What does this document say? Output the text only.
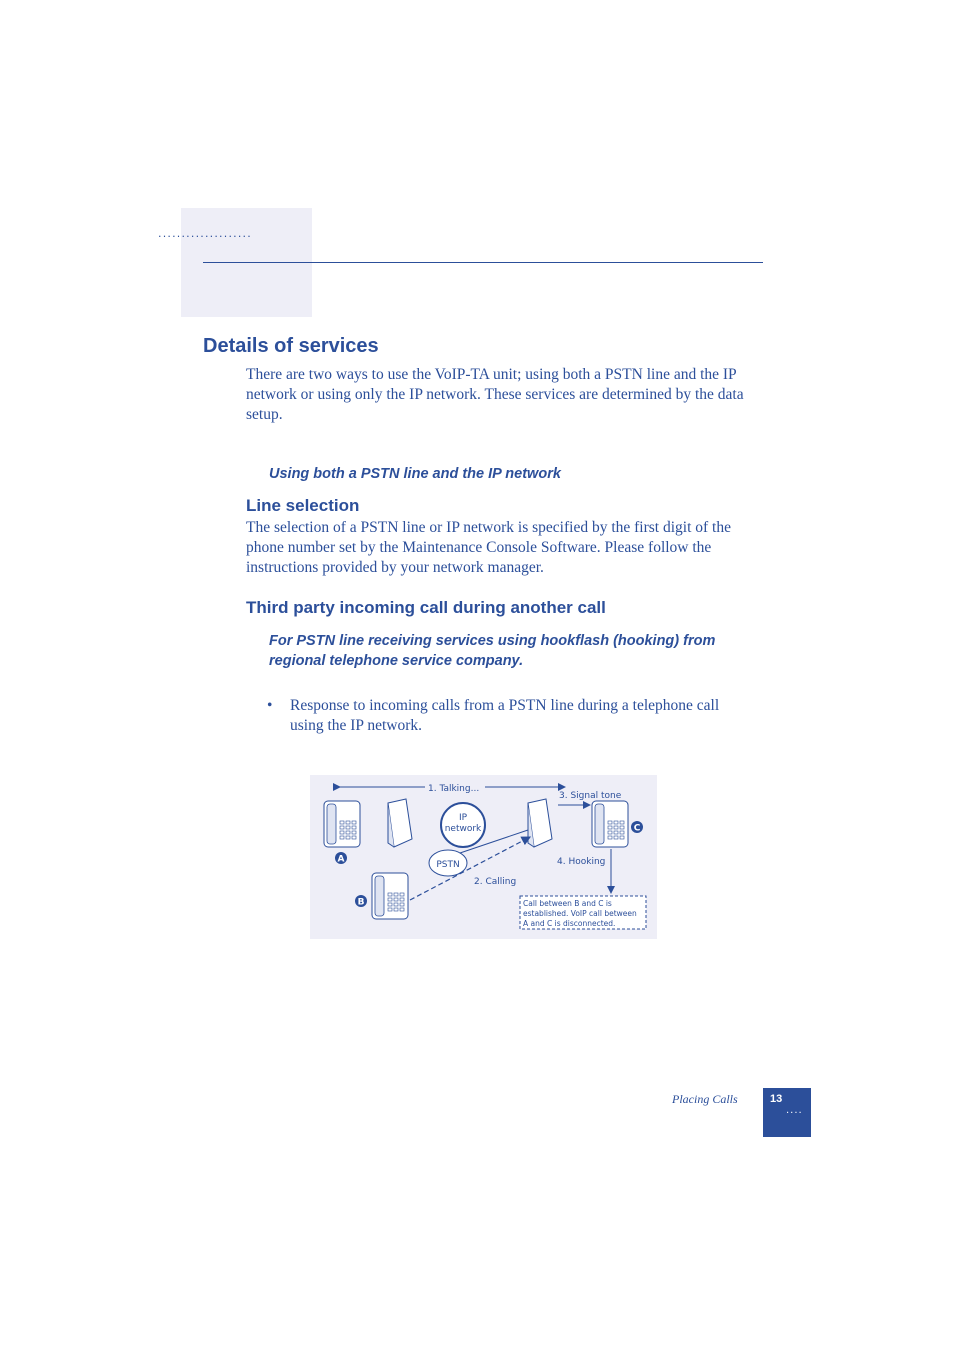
....................
Details of services
There are two ways to use the VoIP-TA unit; using both a PSTN line and the IP network or using only the IP network. These services are determined by the data setup.
Using both a PSTN line and the IP network
Line selection
The selection of a PSTN line or IP network is specified by the first digit of the phone number set by the Maintenance Console Software. Please follow the instructions provided by your network manager.
Third party incoming call during another call
For PSTN line receiving services using hookflash (hooking) from regional telephone service company.
• Response to incoming calls from a PSTN line during a telephone call using the IP network.
1. Talking...
3. Signal tone
A
IP
network	C
PSTN
2. Calling
B
4. Hooking
Call between B and C is
established. VoIP call between
A and C is disconnected.
Placing Calls	13
....
